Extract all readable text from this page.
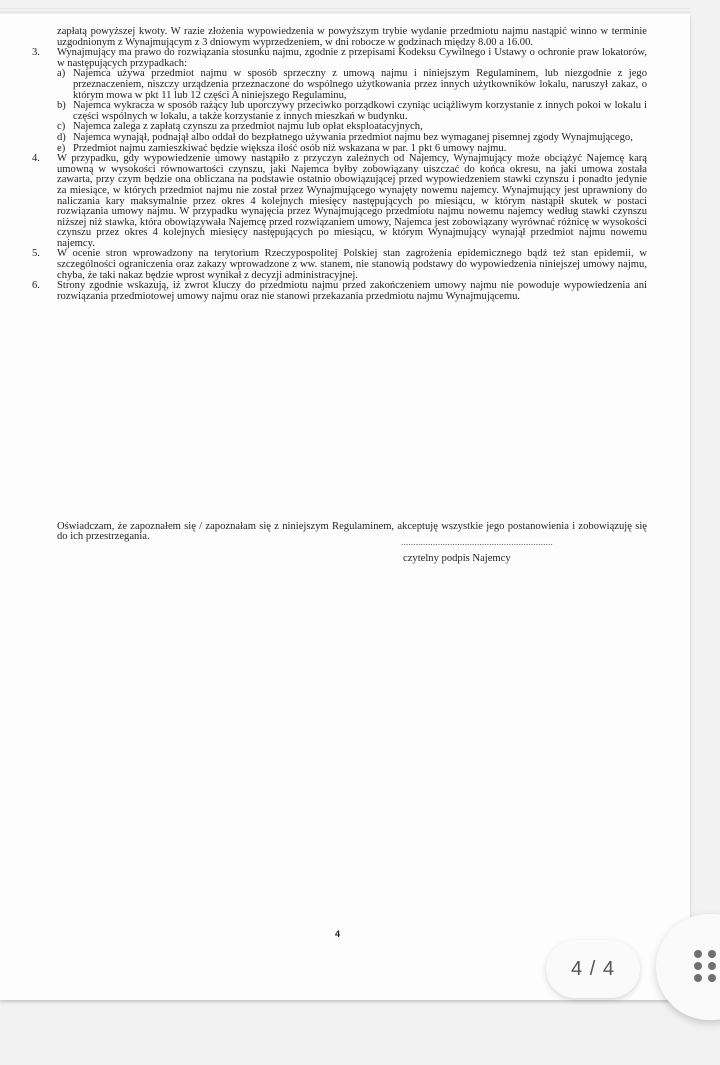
zapłatą powyższej kwoty. W razie złożenia wypowiedzenia w powyższym trybie wydanie przedmiotu najmu nastąpić winno w terminie uzgodnionym z Wynajmującym z 3 dniowym wyprzedzeniem, w dni robocze w godzinach między 8.00 a 16.00.

3. Wynajmujący ma prawo do rozwiązania stosunku najmu, zgodnie z przepisami Kodeksu Cywilnego i Ustawy o ochronie praw lokatorów, w następujących przypadkach:

a) Najemca używa przedmiot najmu w sposób sprzeczny z umową najmu i niniejszym Regulaminem, lub niezgodnie z jego przeznaczeniem, niszczy urządzenia przeznaczone do wspólnego użytkowania przez innych użytkowników lokalu, naruszył zakaz, o którym mowa w pkt 11 lub 12 części A niniejszego Regulaminu,

b) Najemca wykracza w sposób rażący lub uporczywy przeciwko porządkowi czyniąc uciążliwym korzystanie z innych pokoi w lokalu i części wspólnych w lokalu, a także korzystanie z innych mieszkań w budynku.

c) Najemca zalega z zapłatą czynszu za przedmiot najmu lub opłat eksploatacyjnych,

d) Najemca wynajął, podnajął albo oddał do bezpłatnego używania przedmiot najmu bez wymaganej pisemnej zgody Wynajmującego,

e) Przedmiot najmu zamieszkiwać będzie większa ilość osób niż wskazana w par. 1 pkt 6 umowy najmu.

4. W przypadku, gdy wypowiedzenie umowy nastąpiło z przyczyn zależnych od Najemcy, Wynajmujący może obciążyć Najemcę karą umowną w wysokości równowartości czynszu, jaki Najemca byłby zobowiązany uiszczać do końca okresu, na jaki umowa została zawarta, przy czym będzie ona obliczana na podstawie ostatnio obowiązującej przed wypowiedzeniem stawki czynszu i ponadto jedynie za miesiące, w których przedmiot najmu nie został przez Wynajmującego wynajęty nowemu najemcy. Wynajmujący jest uprawniony do naliczania kary maksymalnie przez okres 4 kolejnych miesięcy następujących po miesiącu, w którym nastąpił skutek w postaci rozwiązania umowy najmu. W przypadku wynajęcia przez Wynajmującego przedmiotu najmu nowemu najemcy według stawki czynszu niższej niż stawka, która obowiązywała Najemcę przed rozwiązaniem umowy, Najemca jest zobowiązany wyrównać różnicę w wysokości czynszu przez okres 4 kolejnych miesięcy następujących po miesiącu, w którym Wynajmujący wynajął przedmiot najmu nowemu najemcy.

5. W ocenie stron wprowadzony na terytorium Rzeczypospolitej Polskiej stan zagrożenia epidemicznego bądź też stan epidemii, w szczególności ograniczenia oraz zakazy wprowadzone z ww. stanem, nie stanowią podstawy do wypowiedzenia niniejszej umowy najmu, chyba, że taki nakaz będzie wprost wynikał z decyzji administracyjnej.

6. Strony zgodnie wskazują, iż zwrot kluczy do przedmiotu najmu przed zakończeniem umowy najmu nie powoduje wypowiedzenia ani rozwiązania przedmiotowej umowy najmu oraz nie stanowi przekazania przedmiotu najmu Wynajmującemu.

Oświadczam, że zapoznałem się / zapoznałam się z niniejszym Regulaminem, akceptuję wszystkie jego postanowienia i zobowiązuję się do ich przestrzegania.	..............................................................
czytelny podpis Najemcy
4
4 / 4
